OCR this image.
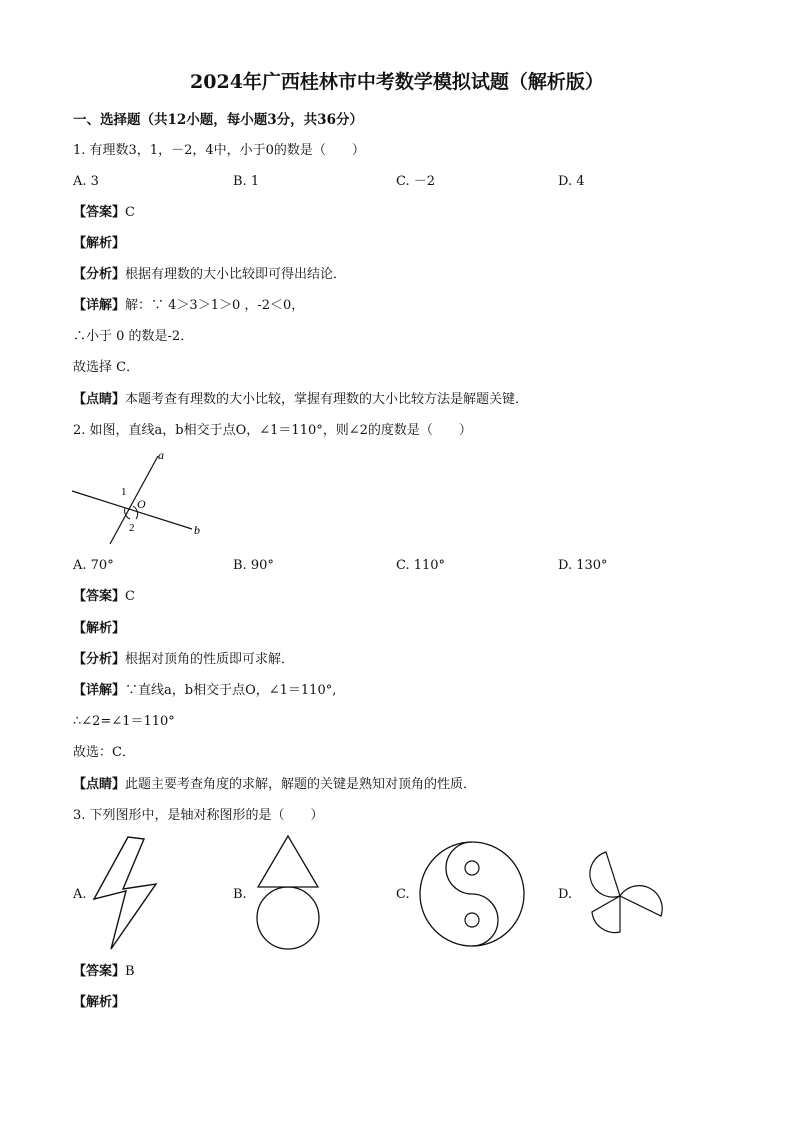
2024年广西桂林市中考数学模拟试题（解析版）
一、选择题（共12小题，每小题3分，共36分）
1. 有理数3，1，－2，4中，小于0的数是（　　）
A. 3	B. 1	C. －2	D. 4
【答案】C
【解析】
【分析】根据有理数的大小比较即可得出结论．
【详解】解：∵ 4＞3＞1＞0 ，-2＜0，
∴小于 0 的数是-2．
故选择 C．
【点睛】本题考查有理数的大小比较，掌握有理数的大小比较方法是解题关键．
2. 如图，直线a，b相交于点O，∠1＝110°，则∠2的度数是（　　）
a
b
O
1
2
A. 70°	B. 90°	C. 110°	D. 130°
【答案】C
【解析】
【分析】根据对顶角的性质即可求解．
【详解】∵直线a，b相交于点O，∠1＝110°,
∴∠2=∠1＝110°
故选：C．
【点睛】此题主要考查角度的求解，解题的关键是熟知对顶角的性质．
3. 下列图形中，是轴对称图形的是（　　）
A.	B.	C.	D.
【答案】B
【解析】
